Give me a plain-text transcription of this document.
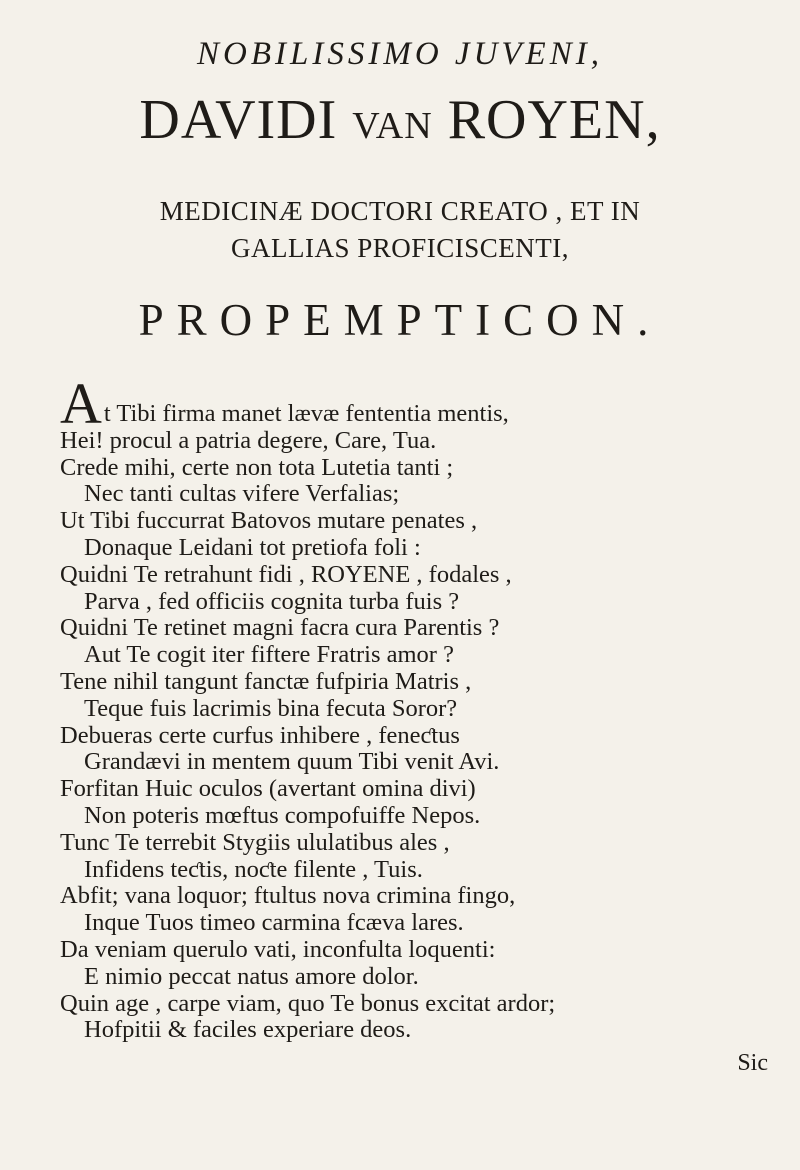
NOBILISSIMO JUVENI,
DAVIDI VAN ROYEN,
MEDICINÆ DOCTORI CREATO , ET IN
GALLIAS PROFICISCENTI,
PROPEMPTICON.
At Tibi firma manet lævæ fententia mentis,
Hei! procul a patria degere, Care, Tua.
Crede mihi, certe non tota Lutetia tanti ;
Nec tanti cultas vifere Verfalias;
Ut Tibi fuccurrat Batovos mutare penates ,
Donaque Leidani tot pretiofa foli :
Quidni Te retrahunt fidi , ROYENE , fodales ,
Parva , fed officiis cognita turba fuis ?
Quidni Te retinet magni facra cura Parentis ?
Aut Te cogit iter fiftere Fratris amor ?
Tene nihil tangunt fanctæ fufpiria Matris ,
Teque fuis lacrimis bina fecuta Soror?
Debueras certe curfus inhibere , feneƈtus
Grandævi in mentem quum Tibi venit Avi.
Forfitan Huic oculos (avertant omina divi)
Non poteris mœftus compofuiffe Nepos.
Tunc Te terrebit Stygiis ululatibus ales ,
Infidens teƈtis, noƈte filente , Tuis.
Abfit; vana loquor; ftultus nova crimina fingo,
Inque Tuos timeo carmina fcæva lares.
Da veniam querulo vati, inconfulta loquenti:
E nimio peccat natus amore dolor.
Quin age , carpe viam, quo Te bonus excitat ardor;
Hofpitii & faciles experiare deos.
Sic
